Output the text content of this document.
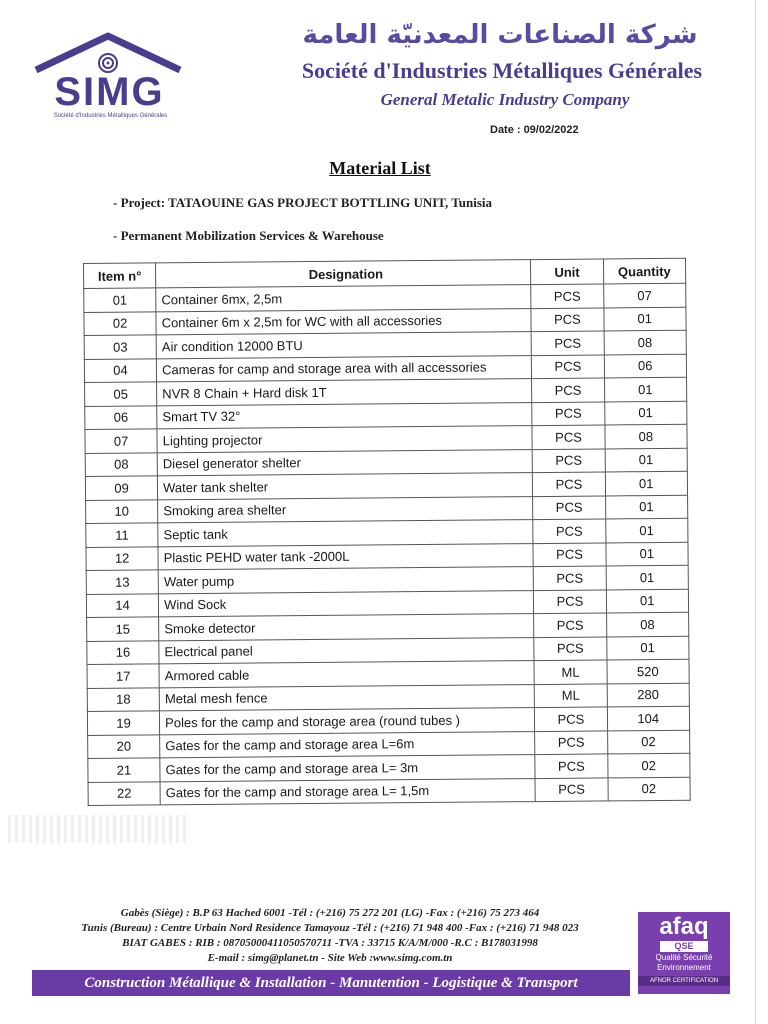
SIMG
Société d'Industries Métalliques Générales
شركة الصناعات المعدنيّة العامة
Société d'Industries Métalliques Générales
General Metalic Industry Company
Date : 09/02/2022
Material List
- Project: TATAOUINE GAS PROJECT BOTTLING UNIT, Tunisia
- Permanent Mobilization Services & Warehouse
Item n°	Designation	Unit	Quantity
01	Container 6mx, 2,5m	PCS	07
02	Container 6m x 2,5m for WC with all accessories	PCS	01
03	Air condition 12000 BTU	PCS	08
04	Cameras for camp and storage area with all accessories	PCS	06
05	NVR 8 Chain + Hard disk 1T	PCS	01
06	Smart TV 32°	PCS	01
07	Lighting projector	PCS	08
08	Diesel generator shelter	PCS	01
09	Water tank shelter	PCS	01
10	Smoking area shelter	PCS	01
11	Septic tank	PCS	01
12	Plastic PEHD water tank -2000L	PCS	01
13	Water pump	PCS	01
14	Wind Sock	PCS	01
15	Smoke detector	PCS	08
16	Electrical panel	PCS	01
17	Armored cable	ML	520
18	Metal mesh fence	ML	280
19	Poles for the camp and storage area (round tubes )	PCS	104
20	Gates for the camp and storage area L=6m	PCS	02
21	Gates for the camp and storage area L= 3m	PCS	02
22	Gates for the camp and storage area L= 1,5m	PCS	02
Gabès (Siège) : B.P 63 Hached 6001 -Tél : (+216) 75 272 201 (LG) -Fax : (+216) 75 273 464
Tunis (Bureau) : Centre Urbain Nord Residence Tamayouz -Tél : (+216) 71 948 400 -Fax : (+216) 71 948 023
BIAT GABES : RIB : 08705000411050570711 -TVA : 33715 K/A/M/000 -R.C : B178031998
E-mail : simg@planet.tn - Site Web :www.simg.com.tn
Construction Métallique & Installation - Manutention - Logistique & Transport
afaq
QSE
Qualité Sécurité
Environnement
AFNOR CERTIFICATION
